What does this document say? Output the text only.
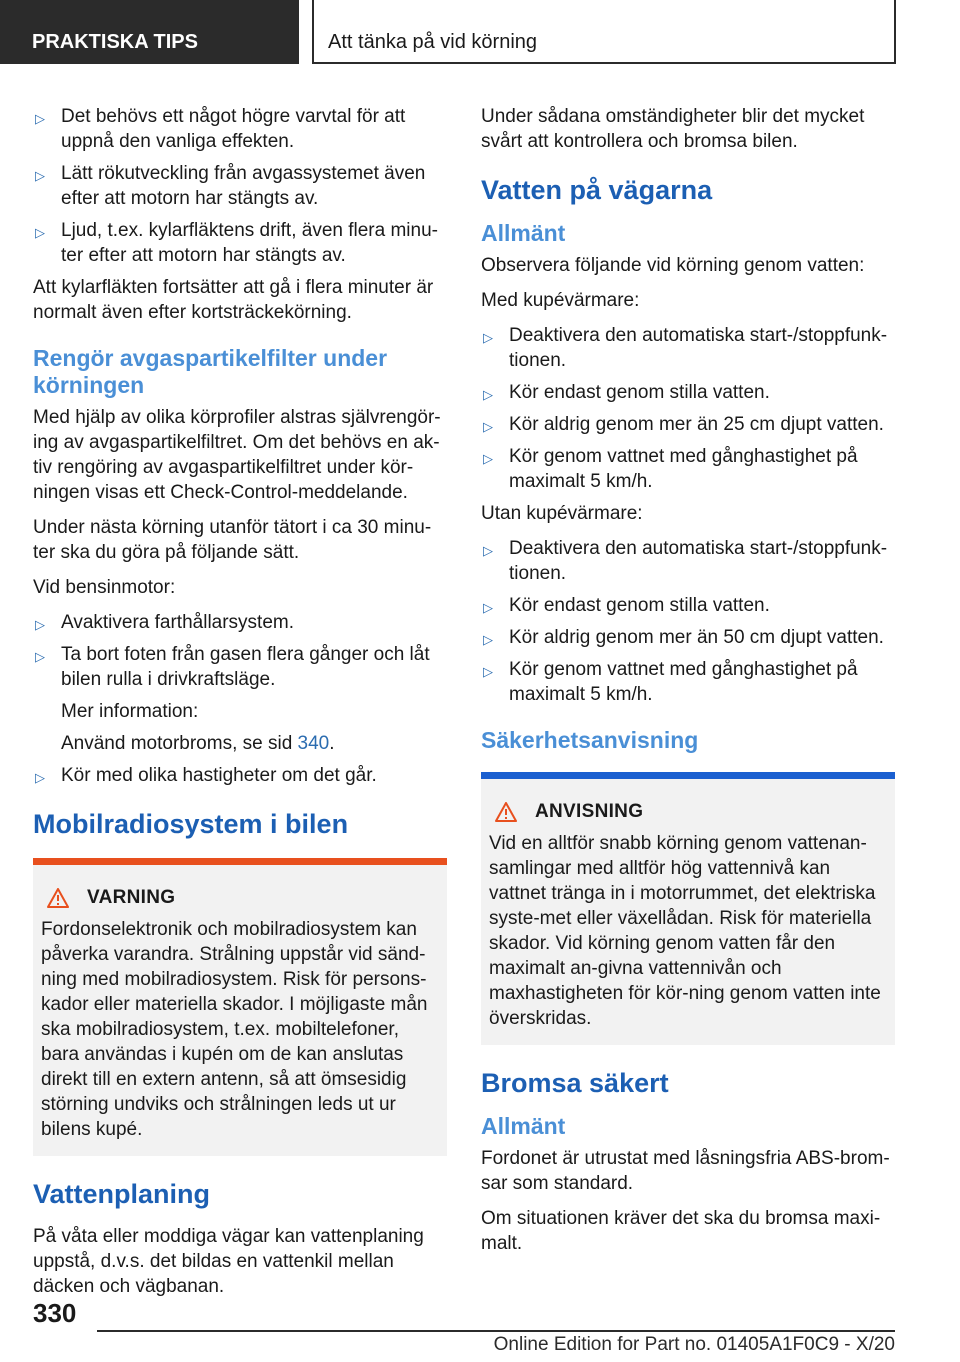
PRAKTISKA TIPS	Att tänka på vid körning
▷ Det behövs ett något högre varvtal för att uppnå den vanliga effekten.
▷ Lätt rökutveckling från avgassystemet även efter att motorn har stängts av.
▷ Ljud, t.ex. kylarfläktens drift, även flera minu-ter efter att motorn har stängts av.

Att kylarfläkten fortsätter att gå i flera minuter är normalt även efter kortsträckekörning.

Rengör avgaspartikelfilter under körningen

Med hjälp av olika körprofiler alstras självrengör-ing av avgaspartikelfiltret. Om det behövs en ak-tiv rengöring av avgaspartikelfiltret under kör-ningen visas ett Check-Control-meddelande.

Under nästa körning utanför tätort i ca 30 minu-ter ska du göra på följande sätt.

Vid bensinmotor:

▷ Avaktivera farthållarsystem.
▷ Ta bort foten från gasen flera gånger och låt bilen rulla i drivkraftsläge.
Mer information:
Använd motorbroms, se sid 340.
▷ Kör med olika hastigheter om det går.
Mobilradiosystem i bilen
VARNING

Fordonselektronik och mobilradiosystem kan påverka varandra. Strålning uppstår vid sänd-ning med mobilradiosystem. Risk för persons-kador eller materiella skador. I möjligaste mån ska mobilradiosystem, t.ex. mobiltelefoner, bara användas i kupén om de kan anslutas direkt till en extern antenn, så att ömsesidig störning undviks och strålningen leds ut ur bilens kupé.

Vattenplaning

På våta eller moddiga vägar kan vattenplaning uppstå, d.v.s. det bildas en vattenkil mellan däcken och vägbanan.

Under sådana omständigheter blir det mycket svårt att kontrollera och bromsa bilen.

Vatten på vägarna
Allmänt

Observera följande vid körning genom vatten:

Med kupévärmare:

▷ Deaktivera den automatiska start-/stoppfunk-tionen.
▷ Kör endast genom stilla vatten.
▷ Kör aldrig genom mer än 25 cm djupt vatten.
▷ Kör genom vattnet med gånghastighet på maximalt 5 km/h.

Utan kupévärmare:

▷ Deaktivera den automatiska start-/stoppfunk-tionen.
▷ Kör endast genom stilla vatten.
▷ Kör aldrig genom mer än 50 cm djupt vatten.
▷ Kör genom vattnet med gånghastighet på maximalt 5 km/h.
Säkerhetsanvisning
ANVISNING

Vid en alltför snabb körning genom vattenan-samlingar med alltför hög vattennivå kan vattnet tränga in i motorrummet, det elektriska syste-met eller växellådan. Risk för materiella skador. Vid körning genom vatten får den maximalt an-givna vattennivån och maxhastigheten för kör-ning genom vatten inte överskridas.

Bromsa säkert
Allmänt

Fordonet är utrustat med låsningsfria ABS-brom-sar som standard.

Om situationen kräver det ska du bromsa maxi-malt.

330
Online Edition for Part no. 01405A1F0C9 - X/20
